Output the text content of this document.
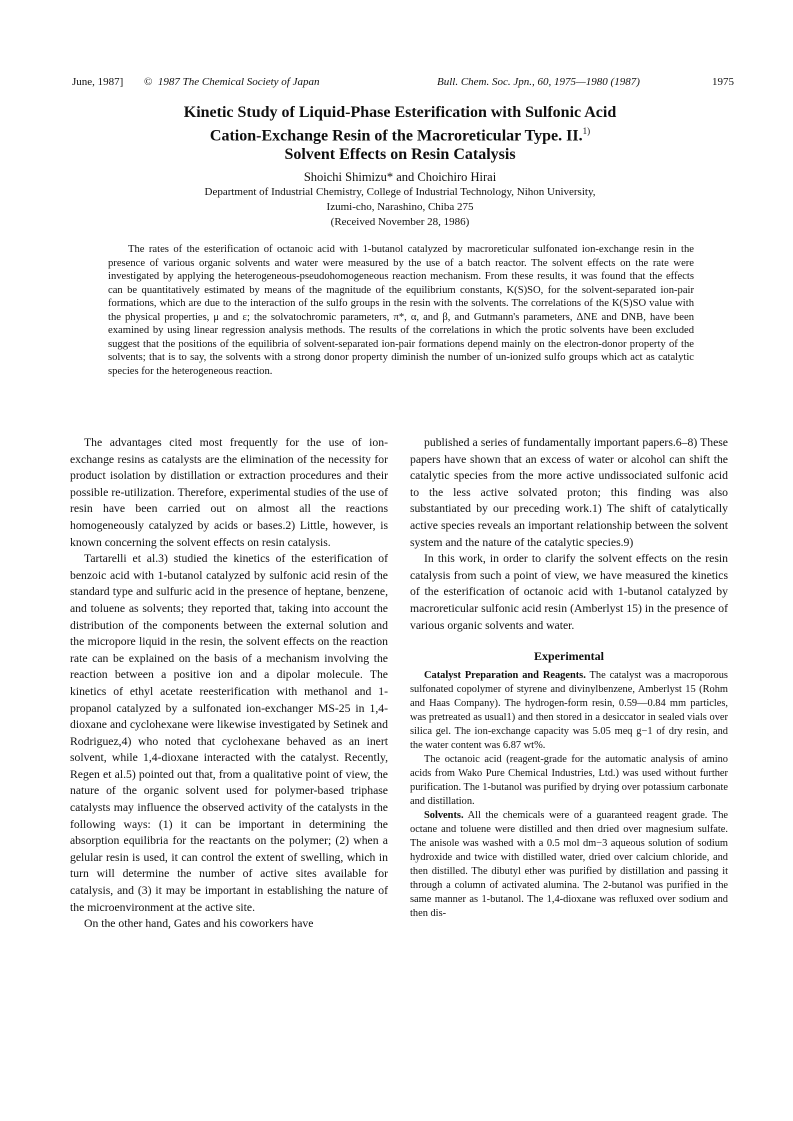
June, 1987] © 1987 The Chemical Society of Japan	Bull. Chem. Soc. Jpn., 60, 1975—1980 (1987)	1975
Kinetic Study of Liquid-Phase Esterification with Sulfonic Acid
Cation-Exchange Resin of the Macroreticular Type. II.$^{1)}$
Solvent Effects on Resin Catalysis
Shoichi Shimizu* and Choichiro Hirai
Department of Industrial Chemistry, College of Industrial Technology, Nihon University,
Izumi-cho, Narashino, Chiba 275
(Received November 28, 1986)
The rates of the esterification of octanoic acid with 1-butanol catalyzed by macroreticular sulfonated ion-exchange resin in the presence of various organic solvents and water were measured by the use of a batch reactor. The solvent effects on the rate were investigated by applying the heterogeneous-pseudohomogeneous reaction mechanism. From these results, it was found that the effects can be quantitatively estimated by means of the magnitude of the equilibrium constants, K(S)SO, for the solvent-separated ion-pair formations, which are due to the interaction of the sulfo groups in the resin with the solvents. The correlations of the K(S)SO value with the physical properties, μ and ε; the solvatochromic parameters, π*, α, and β, and Gutmann's parameters, ΔNE and DNB, have been examined by using linear regression analysis methods. The results of the correlations in which the protic solvents have been excluded suggest that the positions of the equilibria of solvent-separated ion-pair formations depend mainly on the electron-donor property of the solvents; that is to say, the solvents with a strong donor property diminish the number of un-ionized sulfo groups which act as catalytic species for the heterogeneous reaction.

The advantages cited most frequently for the use of ion-exchange resins as catalysts are the elimination of the necessity for product isolation by distillation or extraction procedures and their possible re-utilization. Therefore, experimental studies of the use of resin have been carried out on almost all the reactions homogeneously catalyzed by acids or bases.2) Little, however, is known concerning the solvent effects on resin catalysis.

Tartarelli et al.3) studied the kinetics of the esterification of benzoic acid with 1-butanol catalyzed by sulfonic acid resin of the standard type and sulfuric acid in the presence of heptane, benzene, and toluene as solvents; they reported that, taking into account the distribution of the components between the external solution and the micropore liquid in the resin, the solvent effects on the reaction rate can be explained on the basis of a mechanism involving the reaction between a positive ion and a dipolar molecule. The kinetics of ethyl acetate reesterification with methanol and 1-propanol catalyzed by a sulfonated ion-exchanger MS-25 in 1,4-dioxane and cyclohexane were likewise investigated by Setinek and Rodriguez,4) who noted that cyclohexane behaved as an inert solvent, while 1,4-dioxane interacted with the catalyst. Recently, Regen et al.5) pointed out that, from a qualitative point of view, the nature of the organic solvent used for polymer-based triphase catalysts may influence the observed activity of the catalysts in the following ways: (1) it can be important in determining the absorption equilibria for the reactants on the polymer; (2) when a gelular resin is used, it can control the extent of swelling, which in turn will determine the number of active sites available for catalysis, and (3) it may be important in establishing the nature of the microenvironment at the active site.

On the other hand, Gates and his coworkers have

published a series of fundamentally important papers.6–8) These papers have shown that an excess of water or alcohol can shift the catalytic species from the more active undissociated sulfonic acid to the less active solvated proton; this finding was also substantiated by our preceding work.1) The shift of catalytically active species reveals an important relationship between the solvent system and the nature of the catalytic species.9)

In this work, in order to clarify the solvent effects on the resin catalysis from such a point of view, we have measured the kinetics of the esterification of octanoic acid with 1-butanol catalyzed by macroreticular sulfonic acid resin (Amberlyst 15) in the presence of various organic solvents and water.

Experimental

Catalyst Preparation and Reagents. The catalyst was a macroporous sulfonated copolymer of styrene and divinylbenzene, Amberlyst 15 (Rohm and Haas Company). The hydrogen-form resin, 0.59—0.84 mm particles, was pretreated as usual1) and then stored in a desiccator in sealed vials over silica gel. The ion-exchange capacity was 5.05 meq g−1 of dry resin, and the water content was 6.87 wt%.

The octanoic acid (reagent-grade for the automatic analysis of amino acids from Wako Pure Chemical Industries, Ltd.) was used without further purification. The 1-butanol was purified by drying over potassium carbonate and distillation.

Solvents. All the chemicals were of a guaranteed reagent grade. The octane and toluene were distilled and then dried over magnesium sulfate. The anisole was washed with a 0.5 mol dm−3 aqueous solution of sodium hydroxide and twice with distilled water, dried over calcium chloride, and then distilled. The dibutyl ether was purified by distillation and passing it through a column of activated alumina. The 2-butanol was purified in the same manner as 1-butanol. The 1,4-dioxane was refluxed over sodium and then dis-
